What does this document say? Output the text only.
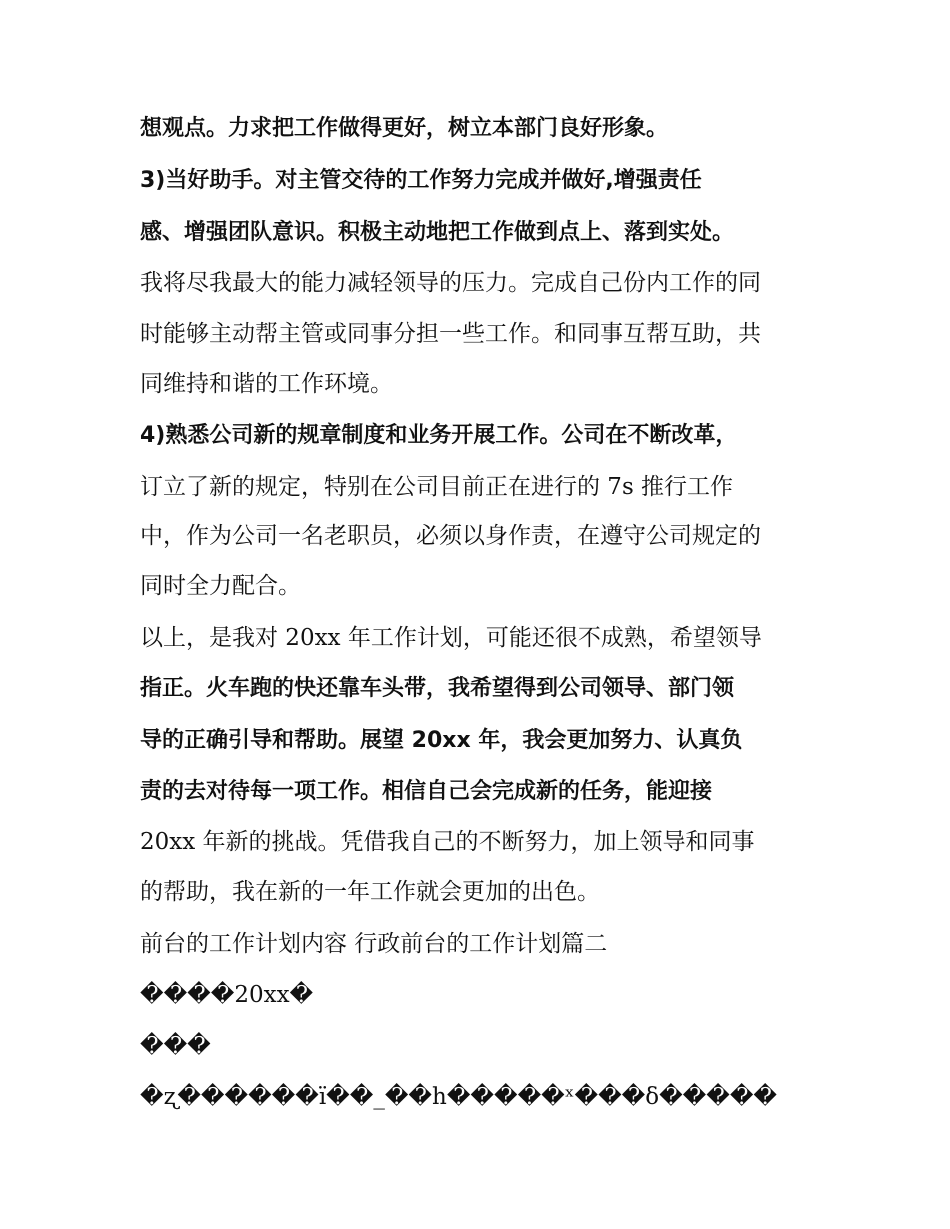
想观点。力求把工作做得更好，树立本部门良好形象。
3)当好助手。对主管交待的工作努力完成并做好,增强责任
感、增强团队意识。积极主动地把工作做到点上、落到实处。
我将尽我最大的能力减轻领导的压力。完成自己份内工作的同
时能够主动帮主管或同事分担一些工作。和同事互帮互助，共
同维持和谐的工作环境。
4)熟悉公司新的规章制度和业务开展工作。公司在不断改革，
订立了新的规定，特别在公司目前正在进行的 7s 推行工作
中，作为公司一名老职员，必须以身作责，在遵守公司规定的
同时全力配合。
以上，是我对 20xx 年工作计划，可能还很不成熟，希望领导
指正。火车跑的快还靠车头带，我希望得到公司领导、部门领
导的正确引导和帮助。展望 20xx 年，我会更加努力、认真负
责的去对待每一项工作。相信自己会完成新的任务，能迎接
20xx 年新的挑战。凭借我自己的不断努力，加上领导和同事
的帮助，我在新的一年工作就会更加的出色。
前台的工作计划内容 行政前台的工作计划篇二
����20xx�
���
�ʐ������ï��_��h�����ˣ���δ�����
